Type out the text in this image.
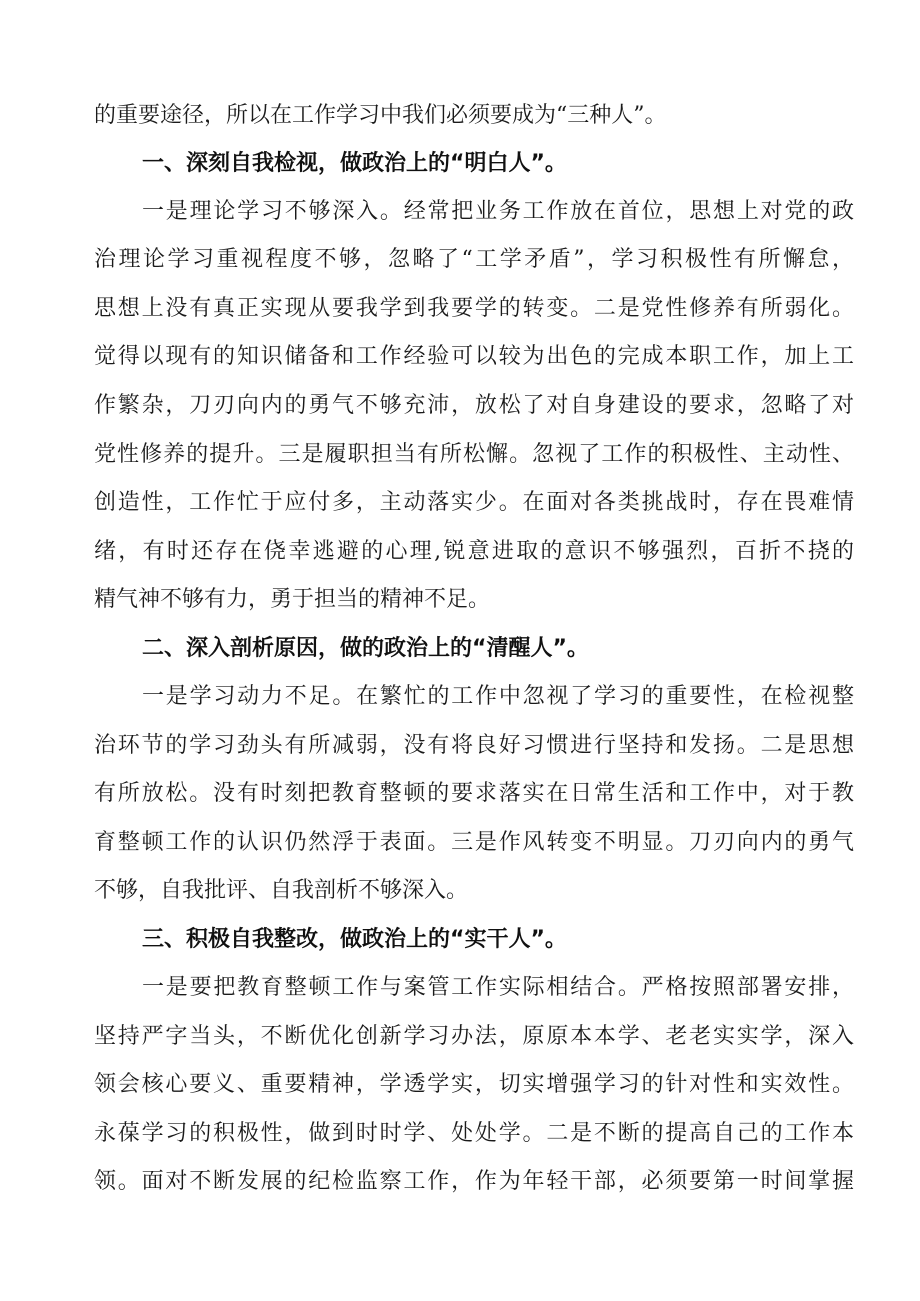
的重要途径，所以在工作学习中我们必须要成为“三种人”。
一、深刻自我检视，做政治上的“明白人”。
一是理论学习不够深入。经常把业务工作放在首位，思想上对党的政
治理论学习重视程度不够，忽略了“工学矛盾”，学习积极性有所懈怠，
思想上没有真正实现从要我学到我要学的转变。二是党性修养有所弱化。
觉得以现有的知识储备和工作经验可以较为出色的完成本职工作，加上工
作繁杂，刀刃向内的勇气不够充沛，放松了对自身建设的要求，忽略了对
党性修养的提升。三是履职担当有所松懈。忽视了工作的积极性、主动性、
创造性，工作忙于应付多，主动落实少。在面对各类挑战时，存在畏难情
绪，有时还存在侥幸逃避的心理,锐意进取的意识不够强烈，百折不挠的
精气神不够有力，勇于担当的精神不足。
二、深入剖析原因，做的政治上的“清醒人”。
一是学习动力不足。在繁忙的工作中忽视了学习的重要性，在检视整
治环节的学习劲头有所减弱，没有将良好习惯进行坚持和发扬。二是思想
有所放松。没有时刻把教育整顿的要求落实在日常生活和工作中，对于教
育整顿工作的认识仍然浮于表面。三是作风转变不明显。刀刃向内的勇气
不够，自我批评、自我剖析不够深入。
三、积极自我整改，做政治上的“实干人”。
一是要把教育整顿工作与案管工作实际相结合。严格按照部署安排，
坚持严字当头，不断优化创新学习办法，原原本本学、老老实实学，深入
领会核心要义、重要精神，学透学实，切实增强学习的针对性和实效性。
永葆学习的积极性，做到时时学、处处学。二是不断的提高自己的工作本
领。面对不断发展的纪检监察工作，作为年轻干部，必须要第一时间掌握
